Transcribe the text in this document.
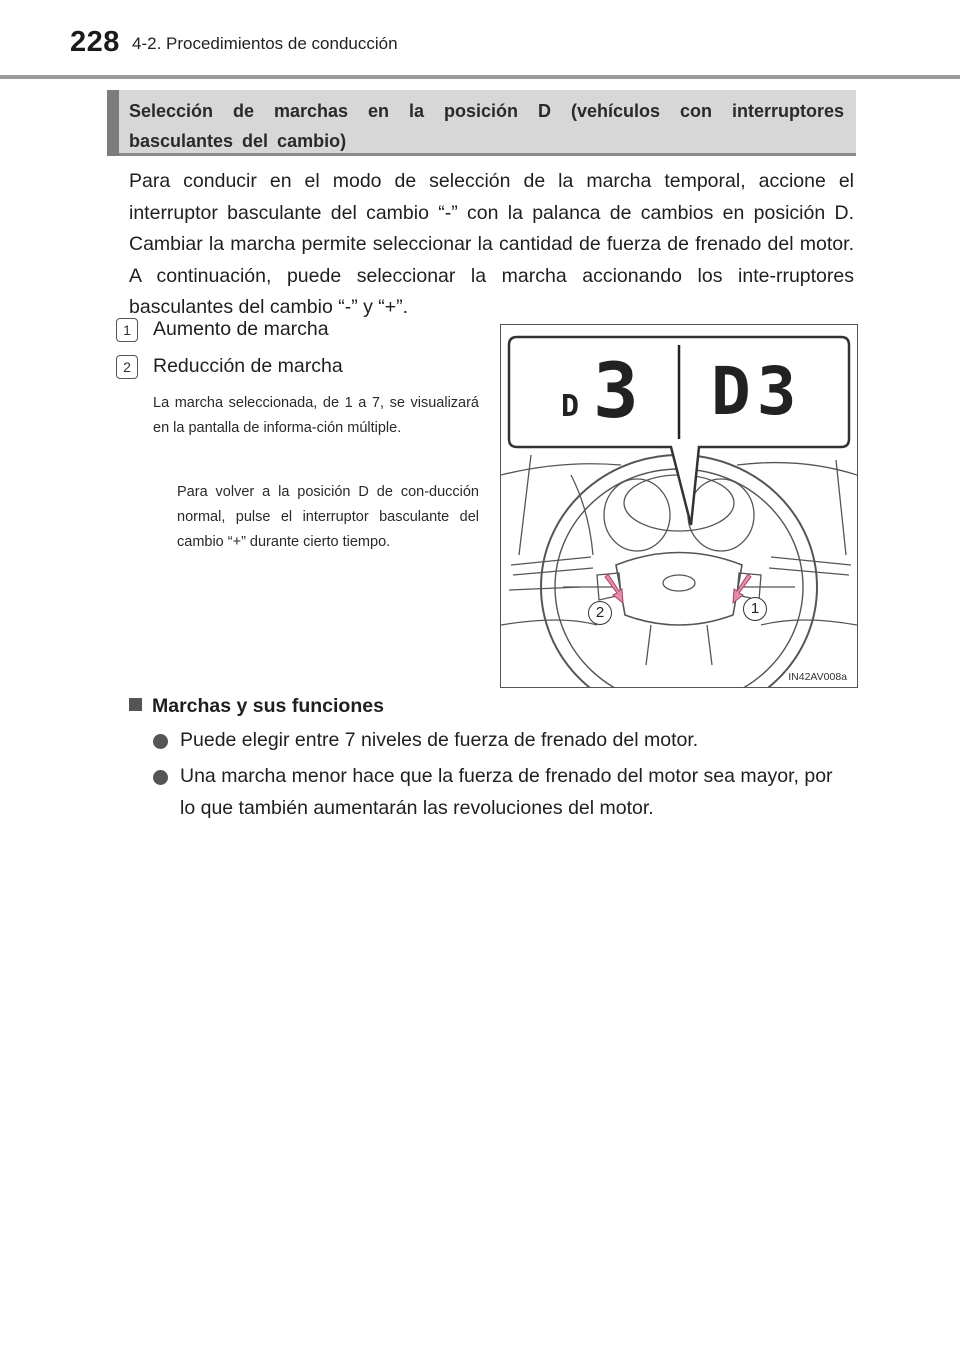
228 4-2. Procedimientos de conducción
Selección de marchas en la posición D (vehículos con interruptores basculantes del cambio)
Para conducir en el modo de selección de la marcha temporal, accione el interruptor basculante del cambio “-” con la palanca de cambios en posición D. Cambiar la marcha permite seleccionar la cantidad de fuerza de frenado del motor. A continuación, puede seleccionar la marcha accionando los inte-rruptores basculantes del cambio “-” y “+”.
1	Aumento de marcha
2	Reducción de marcha
La marcha seleccionada, de 1 a 7, se visualizará en la pantalla de informa-ción múltiple.
Para volver a la posición D de con-ducción normal, pulse el interruptor basculante del cambio “+” durante cierto tiempo.
D 3 D3
2	1
IN42AV008a
Marchas y sus funciones
Puede elegir entre 7 niveles de fuerza de frenado del motor.
Una marcha menor hace que la fuerza de frenado del motor sea mayor, por lo que también aumentarán las revoluciones del motor.
